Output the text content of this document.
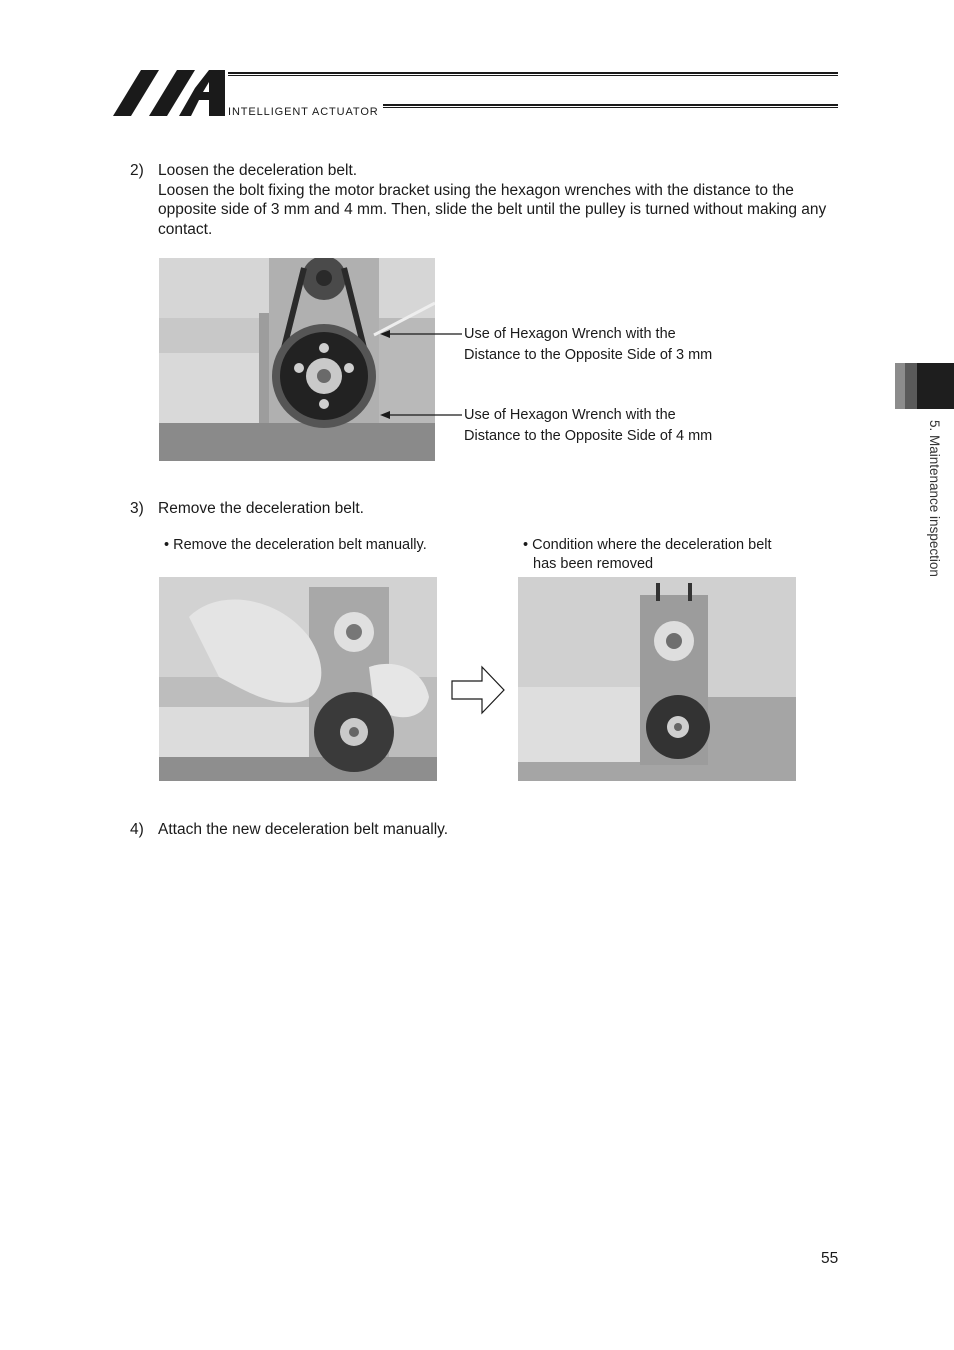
INTELLIGENT ACTUATOR
2) Loosen the deceleration belt.
Loosen the bolt fixing the motor bracket using the hexagon wrenches with the distance to the opposite side of 3 mm and 4 mm. Then, slide the belt until the pulley is turned without making any contact.
Use of Hexagon Wrench with the
Distance to the Opposite Side of 3 mm
Use of Hexagon Wrench with the
Distance to the Opposite Side of 4 mm
3) Remove the deceleration belt.
• Remove the deceleration belt manually.	• Condition where the deceleration belt
has been removed
4) Attach the new deceleration belt manually.
5. Maintenance inspection
55
